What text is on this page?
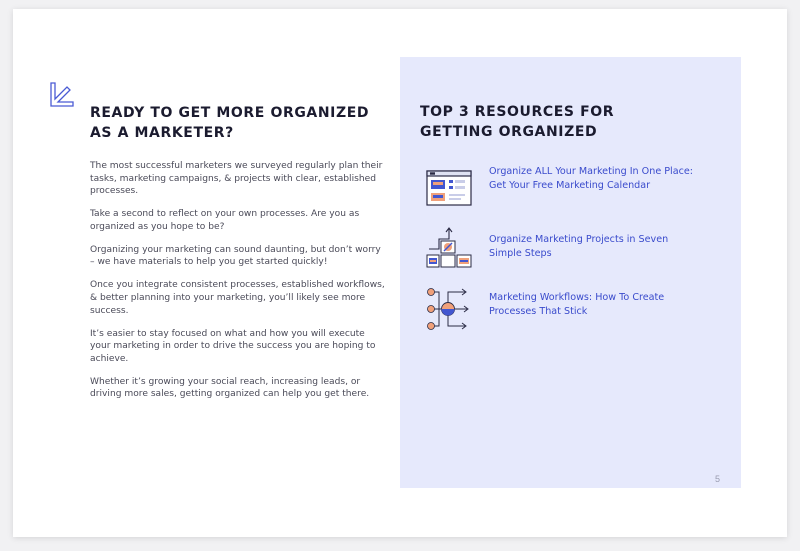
READY TO GET MORE ORGANIZED
AS A MARKETER?

The most successful marketers we surveyed regularly plan their tasks, marketing campaigns, & projects with clear, established processes.

Take a second to reflect on your own processes. Are you as organized as you hope to be?

Organizing your marketing can sound daunting, but don’t worry – we have materials to help you get started quickly!

Once you integrate consistent processes, established workflows, & better planning into your marketing, you’ll likely see more success.

It’s easier to stay focused on what and how you will execute your marketing in order to drive the success you are hoping to achieve.

Whether it’s growing your social reach, increasing leads, or driving more sales, getting organized can help you get there.

TOP 3 RESOURCES FOR
GETTING ORGANIZED
Organize ALL Your Marketing In One Place: Get Your Free Marketing Calendar
Organize Marketing Projects in Seven Simple Steps
Marketing Workflows: How To Create Processes That Stick
5
